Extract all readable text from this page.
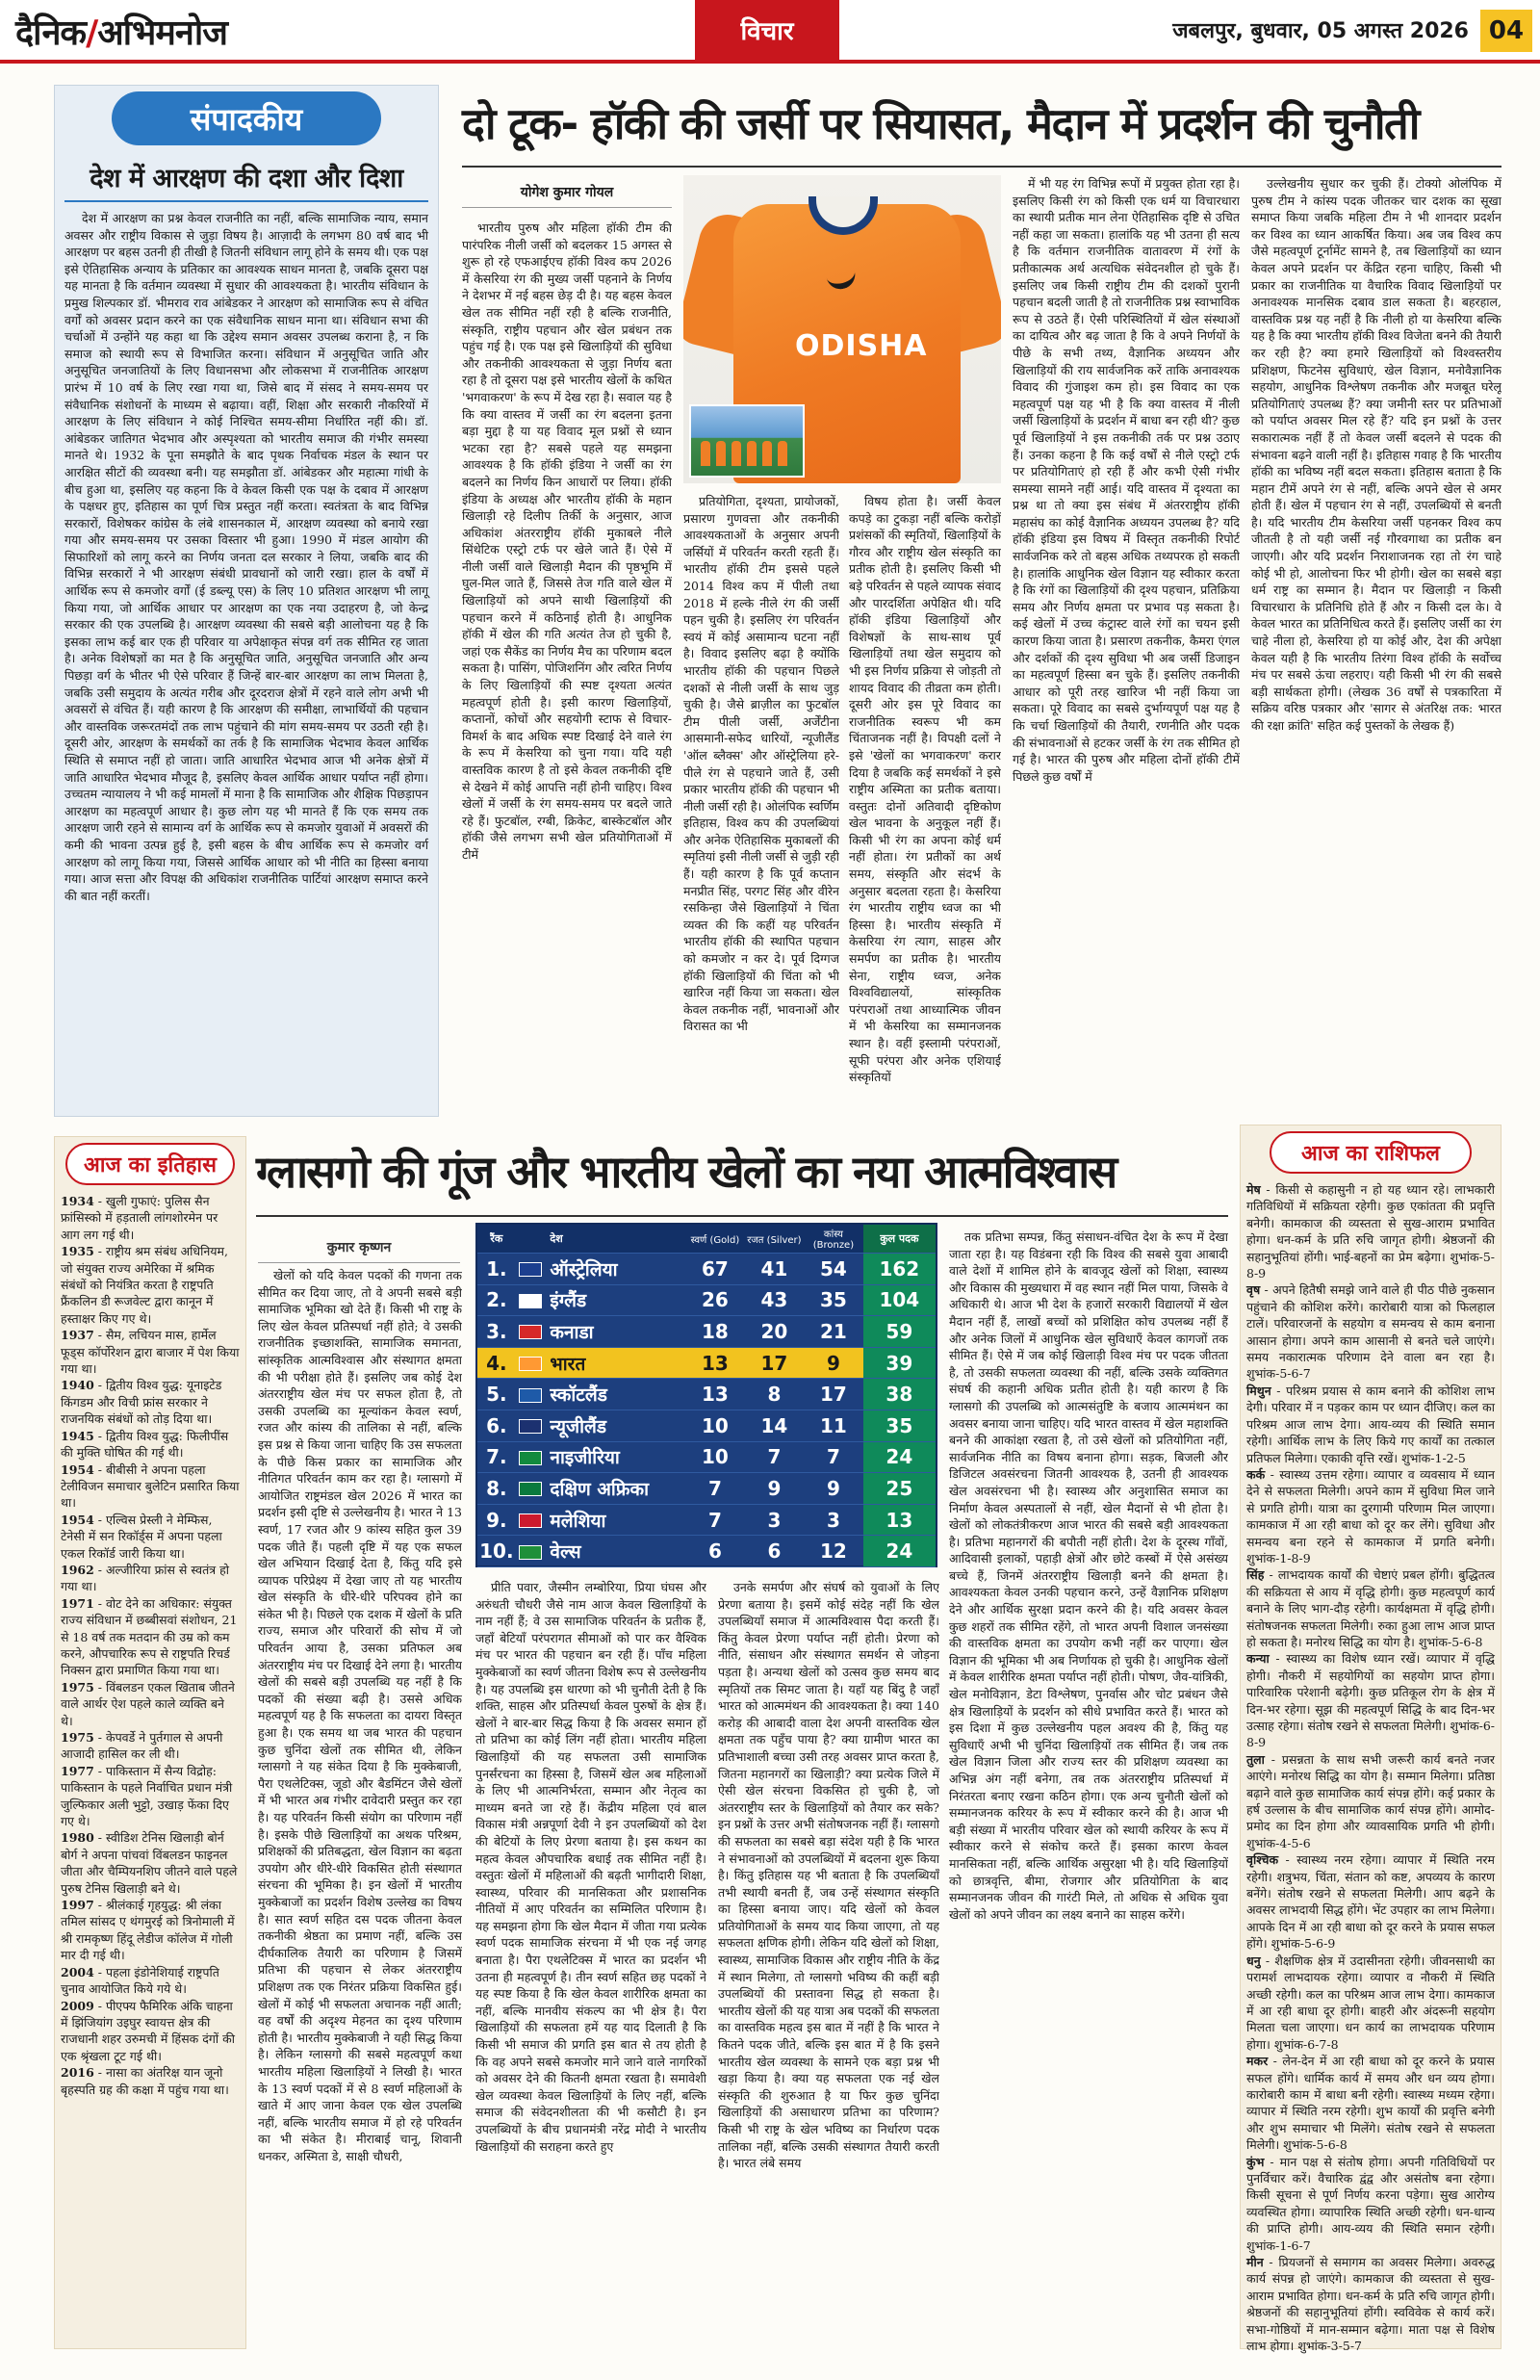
दैनिक/अभिमनोज	विचार	जबलपुर, बुधवार, 05 अगस्त 2026 04
संपादकीय
देश में आरक्षण की दशा और दिशा

देश में आरक्षण का प्रश्न केवल राजनीति का नहीं, बल्कि सामाजिक न्याय, समान अवसर और राष्ट्रीय विकास से जुड़ा विषय है। आज़ादी के लगभग 80 वर्ष बाद भी आरक्षण पर बहस उतनी ही तीखी है जितनी संविधान लागू होने के समय थी। एक पक्ष इसे ऐतिहासिक अन्याय के प्रतिकार का आवश्यक साधन मानता है, जबकि दूसरा पक्ष यह मानता है कि वर्तमान व्यवस्था में सुधार की आवश्यकता है। भारतीय संविधान के प्रमुख शिल्पकार डॉ. भीमराव राव आंबेडकर ने आरक्षण को सामाजिक रूप से वंचित वर्गों को अवसर प्रदान करने का एक संवैधानिक साधन माना था। संविधान सभा की चर्चाओं में उन्होंने यह कहा था कि उद्देश्य समान अवसर उपलब्ध कराना है, न कि समाज को स्थायी रूप से विभाजित करना। संविधान में अनुसूचित जाति और अनुसूचित जनजातियों के लिए विधानसभा और लोकसभा में राजनीतिक आरक्षण प्रारंभ में 10 वर्ष के लिए रखा गया था, जिसे बाद में संसद ने समय-समय पर संवैधानिक संशोधनों के माध्यम से बढ़ाया। वहीं, शिक्षा और सरकारी नौकरियों में आरक्षण के लिए संविधान ने कोई निश्चित समय-सीमा निर्धारित नहीं की। डॉ. आंबेडकर जातिगत भेदभाव और अस्पृश्यता को भारतीय समाज की गंभीर समस्या मानते थे। 1932 के पूना समझौते के बाद पृथक निर्वाचक मंडल के स्थान पर आरक्षित सीटों की व्यवस्था बनी। यह समझौता डॉ. आंबेडकर और महात्मा गांधी के बीच हुआ था, इसलिए यह कहना कि वे केवल किसी एक पक्ष के दबाव में आरक्षण के पक्षधर हुए, इतिहास का पूर्ण चित्र प्रस्तुत नहीं करता। स्वतंत्रता के बाद विभिन्न सरकारों, विशेषकर कांग्रेस के लंबे शासनकाल में, आरक्षण व्यवस्था को बनाये रखा गया और समय-समय पर उसका विस्तार भी हुआ। 1990 में मंडल आयोग की सिफारिशों को लागू करने का निर्णय जनता दल सरकार ने लिया, जबकि बाद की विभिन्न सरकारों ने भी आरक्षण संबंधी प्रावधानों को जारी रखा। हाल के वर्षों में आर्थिक रूप से कमजोर वर्गों (ई डब्ल्यू एस) के लिए 10 प्रतिशत आरक्षण भी लागू किया गया, जो आर्थिक आधार पर आरक्षण का एक नया उदाहरण है, जो केन्द्र सरकार की एक उपलब्धि है। आरक्षण व्यवस्था की सबसे बड़ी आलोचना यह है कि इसका लाभ कई बार एक ही परिवार या अपेक्षाकृत संपन्न वर्ग तक सीमित रह जाता है। अनेक विशेषज्ञों का मत है कि अनुसूचित जाति, अनुसूचित जनजाति और अन्य पिछड़ा वर्ग के भीतर भी ऐसे परिवार हैं जिन्हें बार-बार आरक्षण का लाभ मिलता है, जबकि उसी समुदाय के अत्यंत गरीब और दूरदराज क्षेत्रों में रहने वाले लोग अभी भी अवसरों से वंचित हैं। यही कारण है कि आरक्षण की समीक्षा, लाभार्थियों की पहचान और वास्तविक जरूरतमंदों तक लाभ पहुंचाने की मांग समय-समय पर उठती रही है। दूसरी ओर, आरक्षण के समर्थकों का तर्क है कि सामाजिक भेदभाव केवल आर्थिक स्थिति से समाप्त नहीं हो जाता। जाति आधारित भेदभाव आज भी अनेक क्षेत्रों में जाति आधारित भेदभाव मौजूद है, इसलिए केवल आर्थिक आधार पर्याप्त नहीं होगा। उच्चतम न्यायालय ने भी कई मामलों में माना है कि सामाजिक और शैक्षिक पिछड़ापन आरक्षण का महत्वपूर्ण आधार है। कुछ लोग यह भी मानते हैं कि एक समय तक आरक्षण जारी रहने से सामान्य वर्ग के आर्थिक रूप से कमजोर युवाओं में अवसरों की कमी की भावना उत्पन्न हुई है, इसी बहस के बीच आर्थिक रूप से कमजोर वर्ग आरक्षण को लागू किया गया, जिससे आर्थिक आधार को भी नीति का हिस्सा बनाया गया। आज सत्ता और विपक्ष की अधिकांश राजनीतिक पार्टियां आरक्षण समाप्त करने की बात नहीं करतीं।

दो टूक- हॉकी की जर्सी पर सियासत, मैदान में प्रदर्शन की चुनौती
योगेश कुमार गोयल

भारतीय पुरुष और महिला हॉकी टीम की पारंपरिक नीली जर्सी को बदलकर 15 अगस्त से शुरू हो रहे एफआईएच हॉकी विश्व कप 2026 में केसरिया रंग की मुख्य जर्सी पहनाने के निर्णय ने देशभर में नई बहस छेड़ दी है। यह बहस केवल खेल तक सीमित नहीं रही है बल्कि राजनीति, संस्कृति, राष्ट्रीय पहचान और खेल प्रबंधन तक पहुंच गई है। एक पक्ष इसे खिलाड़ियों की सुविधा और तकनीकी आवश्यकता से जुड़ा निर्णय बता रहा है तो दूसरा पक्ष इसे भारतीय खेलों के कथित 'भगवाकरण' के रूप में देख रहा है। सवाल यह है कि क्या वास्तव में जर्सी का रंग बदलना इतना बड़ा मुद्दा है या यह विवाद मूल प्रश्नों से ध्यान भटका रहा है? सबसे पहले यह समझना आवश्यक है कि हॉकी इंडिया ने जर्सी का रंग बदलने का निर्णय किन आधारों पर लिया। हॉकी इंडिया के अध्यक्ष और भारतीय हॉकी के महान खिलाड़ी रहे दिलीप तिर्की के अनुसार, आज अधिकांश अंतरराष्ट्रीय हॉकी मुकाबले नीले सिंथेटिक एस्ट्रो टर्फ पर खेले जाते हैं। ऐसे में नीली जर्सी वाले खिलाड़ी मैदान की पृष्ठभूमि में घुल-मिल जाते हैं, जिससे तेज गति वाले खेल में खिलाड़ियों को अपने साथी खिलाड़ियों की पहचान करने में कठिनाई होती है। आधुनिक हॉकी में खेल की गति अत्यंत तेज हो चुकी है, जहां एक सैकेंड का निर्णय मैच का परिणाम बदल सकता है। पासिंग, पोजिशनिंग और त्वरित निर्णय के लिए खिलाड़ियों की स्पष्ट दृश्यता अत्यंत महत्वपूर्ण होती है। इसी कारण खिलाड़ियों, कप्तानों, कोचों और सहयोगी स्टाफ से विचार-विमर्श के बाद अधिक स्पष्ट दिखाई देने वाले रंग के रूप में केसरिया को चुना गया। यदि यही वास्तविक कारण है तो इसे केवल तकनीकी दृष्टि से देखने में कोई आपत्ति नहीं होनी चाहिए। विश्व खेलों में जर्सी के रंग समय-समय पर बदले जाते रहे हैं। फुटबॉल, रग्बी, क्रिकेट, बास्केटबॉल और हॉकी जैसे लगभग सभी खेल प्रतियोगिताओं में टीमें

ODISHA

प्रतियोगिता, दृश्यता, प्रायोजकों, प्रसारण गुणवत्ता और तकनीकी आवश्यकताओं के अनुसार अपनी जर्सियों में परिवर्तन करती रहती हैं। भारतीय हॉकी टीम इससे पहले 2014 विश्व कप में पीली तथा 2018 में हल्के नीले रंग की जर्सी पहन चुकी है। इसलिए रंग परिवर्तन स्वयं में कोई असामान्य घटना नहीं है। विवाद इसलिए बढ़ा है क्योंकि भारतीय हॉकी की पहचान पिछले दशकों से नीली जर्सी के साथ जुड़ चुकी है। जैसे ब्राज़ील का फुटबॉल टीम पीली जर्सी, अर्जेंटीना आसमानी-सफेद धारियों, न्यूजीलैंड 'ऑल ब्लैक्स' और ऑस्ट्रेलिया हरे-पीले रंग से पहचाने जाते हैं, उसी प्रकार भारतीय हॉकी की पहचान भी नीली जर्सी रही है। ओलंपिक स्वर्णिम इतिहास, विश्व कप की उपलब्धियां और अनेक ऐतिहासिक मुकाबलों की स्मृतियां इसी नीली जर्सी से जुड़ी रही हैं। यही कारण है कि पूर्व कप्तान मनप्रीत सिंह, परगट सिंह और वीरेन रसकिन्हा जैसे खिलाड़ियों ने चिंता व्यक्त की कि कहीं यह परिवर्तन भारतीय हॉकी की स्थापित पहचान को कमजोर न कर दे। पूर्व दिग्गज हॉकी खिलाड़ियों की चिंता को भी खारिज नहीं किया जा सकता। खेल केवल तकनीक नहीं, भावनाओं और विरासत का भी

विषय होता है। जर्सी केवल कपड़े का टुकड़ा नहीं बल्कि करोड़ों प्रशंसकों की स्मृतियों, खिलाड़ियों के गौरव और राष्ट्रीय खेल संस्कृति का प्रतीक होती है। इसलिए किसी भी बड़े परिवर्तन से पहले व्यापक संवाद और पारदर्शिता अपेक्षित थी। यदि हॉकी इंडिया खिलाड़ियों और विशेषज्ञों के साथ-साथ पूर्व खिलाड़ियों तथा खेल समुदाय को भी इस निर्णय प्रक्रिया से जोड़ती तो शायद विवाद की तीव्रता कम होती। दूसरी ओर इस पूरे विवाद का राजनीतिक स्वरूप भी कम चिंताजनक नहीं है। विपक्षी दलों ने इसे 'खेलों का भगवाकरण' करार दिया है जबकि कई समर्थकों ने इसे राष्ट्रीय अस्मिता का प्रतीक बताया। वस्तुतः दोनों अतिवादी दृष्टिकोण खेल भावना के अनुकूल नहीं हैं। किसी भी रंग का अपना कोई धर्म नहीं होता। रंग प्रतीकों का अर्थ समय, संस्कृति और संदर्भ के अनुसार बदलता रहता है। केसरिया रंग भारतीय राष्ट्रीय ध्वज का भी हिस्सा है। भारतीय संस्कृति में केसरिया रंग त्याग, साहस और समर्पण का प्रतीक है। भारतीय सेना, राष्ट्रीय ध्वज, अनेक विश्वविद्यालयों, सांस्कृतिक परंपराओं तथा आध्यात्मिक जीवन में भी केसरिया का सम्मानजनक स्थान है। वहीं इस्लामी परंपराओं, सूफी परंपरा और अनेक एशियाई संस्कृतियों

में भी यह रंग विभिन्न रूपों में प्रयुक्त होता रहा है। इसलिए किसी रंग को किसी एक धर्म या विचारधारा का स्थायी प्रतीक मान लेना ऐतिहासिक दृष्टि से उचित नहीं कहा जा सकता। हालांकि यह भी उतना ही सत्य है कि वर्तमान राजनीतिक वातावरण में रंगों के प्रतीकात्मक अर्थ अत्यधिक संवेदनशील हो चुके हैं। इसलिए जब किसी राष्ट्रीय टीम की दशकों पुरानी पहचान बदली जाती है तो राजनीतिक प्रश्न स्वाभाविक रूप से उठते हैं। ऐसी परिस्थितियों में खेल संस्थाओं का दायित्व और बढ़ जाता है कि वे अपने निर्णयों के पीछे के सभी तथ्य, वैज्ञानिक अध्ययन और खिलाड़ियों की राय सार्वजनिक करें ताकि अनावश्यक विवाद की गुंजाइश कम हो। इस विवाद का एक महत्वपूर्ण पक्ष यह भी है कि क्या वास्तव में नीली जर्सी खिलाड़ियों के प्रदर्शन में बाधा बन रही थी? कुछ पूर्व खिलाड़ियों ने इस तकनीकी तर्क पर प्रश्न उठाए हैं। उनका कहना है कि कई वर्षों से नीले एस्ट्रो टर्फ पर प्रतियोगिताएं हो रही हैं और कभी ऐसी गंभीर समस्या सामने नहीं आई। यदि वास्तव में दृश्यता का प्रश्न था तो क्या इस संबंध में अंतरराष्ट्रीय हॉकी महासंघ का कोई वैज्ञानिक अध्ययन उपलब्ध है? यदि हॉकी इंडिया इस विषय में विस्तृत तकनीकी रिपोर्ट सार्वजनिक करे तो बहस अधिक तथ्यपरक हो सकती है। हालांकि आधुनिक खेल विज्ञान यह स्वीकार करता है कि रंगों का खिलाड़ियों की दृश्य पहचान, प्रतिक्रिया समय और निर्णय क्षमता पर प्रभाव पड़ सकता है। कई खेलों में उच्च कंट्रास्ट वाले रंगों का चयन इसी कारण किया जाता है। प्रसारण तकनीक, कैमरा एंगल और दर्शकों की दृश्य सुविधा भी अब जर्सी डिजाइन का महत्वपूर्ण हिस्सा बन चुके हैं। इसलिए तकनीकी आधार को पूरी तरह खारिज भी नहीं किया जा सकता। पूरे विवाद का सबसे दुर्भाग्यपूर्ण पक्ष यह है कि चर्चा खिलाड़ियों की तैयारी, रणनीति और पदक की संभावनाओं से हटकर जर्सी के रंग तक सीमित हो गई है। भारत की पुरुष और महिला दोनों हॉकी टीमें पिछले कुछ वर्षों में

उल्लेखनीय सुधार कर चुकी हैं। टोक्यो ओलंपिक में पुरुष टीम ने कांस्य पदक जीतकर चार दशक का सूखा समाप्त किया जबकि महिला टीम ने भी शानदार प्रदर्शन कर विश्व का ध्यान आकर्षित किया। अब जब विश्व कप जैसे महत्वपूर्ण टूर्नामेंट सामने है, तब खिलाड़ियों का ध्यान केवल अपने प्रदर्शन पर केंद्रित रहना चाहिए, किसी भी प्रकार का राजनीतिक या वैचारिक विवाद खिलाड़ियों पर अनावश्यक मानसिक दबाव डाल सकता है। बहरहाल, वास्तविक प्रश्न यह नहीं है कि नीली हो या केसरिया बल्कि यह है कि क्या भारतीय हॉकी विश्व विजेता बनने की तैयारी कर रही है? क्या हमारे खिलाड़ियों को विश्वस्तरीय प्रशिक्षण, फिटनेस सुविधाएं, खेल विज्ञान, मनोवैज्ञानिक सहयोग, आधुनिक विश्लेषण तकनीक और मजबूत घरेलू प्रतियोगिताएं उपलब्ध हैं? क्या जमीनी स्तर पर प्रतिभाओं को पर्याप्त अवसर मिल रहे हैं? यदि इन प्रश्नों के उत्तर सकारात्मक नहीं हैं तो केवल जर्सी बदलने से पदक की संभावना बढ़ने वाली नहीं है। इतिहास गवाह है कि भारतीय हॉकी का भविष्य नहीं बदल सकता। इतिहास बताता है कि महान टीमें अपने रंग से नहीं, बल्कि अपने खेल से अमर होती हैं। खेल में पहचान रंग से नहीं, उपलब्धियों से बनती है। यदि भारतीय टीम केसरिया जर्सी पहनकर विश्व कप जीतती है तो यही जर्सी नई गौरवगाथा का प्रतीक बन जाएगी। और यदि प्रदर्शन निराशाजनक रहा तो रंग चाहे कोई भी हो, आलोचना फिर भी होगी। खेल का सबसे बड़ा धर्म राष्ट्र का सम्मान है। मैदान पर खिलाड़ी न किसी विचारधारा के प्रतिनिधि होते हैं और न किसी दल के। वे केवल भारत का प्रतिनिधित्व करते हैं। इसलिए जर्सी का रंग चाहे नीला हो, केसरिया हो या कोई और, देश की अपेक्षा केवल यही है कि भारतीय तिरंगा विश्व हॉकी के सर्वोच्च मंच पर सबसे ऊंचा लहराए। यही किसी भी रंग की सबसे बड़ी सार्थकता होगी। (लेखक 36 वर्षों से पत्रकारिता में सक्रिय वरिष्ठ पत्रकार और 'सागर से अंतरिक्ष तक: भारत की रक्षा क्रांति' सहित कई पुस्तकों के लेखक हैं)

आज का इतिहास
1934 - खुली गुफाएं: पुलिस सैन फ्रांसिस्को में हड़ताली लांगशोरमेन पर आग लग गई थी।
1935 - राष्ट्रीय श्रम संबंध अधिनियम, जो संयुक्त राज्य अमेरिका में श्रमिक संबंधों को नियंत्रित करता है राष्ट्रपति फ्रैंकलिन डी रूजवेल्ट द्वारा कानून में हस्ताक्षर किए गए थे।
1937 - सैम, लचियन मास, हार्मेल फूड्स कॉर्पोरेशन द्वारा बाजार में पेश किया गया था।
1940 - द्वितीय विश्व युद्ध: यूनाइटेड किंगडम और विची फ्रांस सरकार ने राजनयिक संबंधों को तोड़ दिया था।
1945 - द्वितीय विश्व युद्ध: फिलीपींस की मुक्ति घोषित की गई थी।
1954 - बीबीसी ने अपना पहला टेलीविजन समाचार बुलेटिन प्रसारित किया था।
1954 - एल्विस प्रेस्ली ने मेम्फिस, टेनेसी में सन रिकॉर्ड्स में अपना पहला एकल रिकॉर्ड जारी किया था।
1962 - अल्जीरिया फ्रांस से स्वतंत्र हो गया था।
1971 - वोट देने का अधिकार: संयुक्त राज्य संविधान में छब्बीसवां संशोधन, 21 से 18 वर्ष तक मतदान की उम्र को कम करने, औपचारिक रूप से राष्ट्रपति रिचर्ड निक्सन द्वारा प्रमाणित किया गया था।
1975 - विंबलडन एकल खिताब जीतने वाले आर्थर ऐश पहले काले व्यक्ति बने थे।
1975 - केपवर्डे ने पुर्तगाल से अपनी आजादी हासिल कर ली थी।
1977 - पाकिस्तान में सैन्य विद्रोह: पाकिस्तान के पहले निर्वाचित प्रधान मंत्री जुल्फिकार अली भुट्टो, उखाड़ फेंका दिए गए थे।
1980 - स्वीडिश टेनिस खिलाड़ी बोर्न बोर्ग ने अपना पांचवां विंबलडन फाइनल जीता और चैम्पियनशिप जीतने वाले पहले पुरुष टेनिस खिलाड़ी बने थे।
1997 - श्रीलंकाई गृहयुद्ध: श्री लंका तमिल सांसद ए थंगमुरई को त्रिनोमाली में श्री रामकृष्ण हिंदू लेडीज कॉलेज में गोली मार दी गई थी।
2004 - पहला इंडोनेशियाई राष्ट्रपति चुनाव आयोजित किये गये थे।
2009 - पीएफ्य फैमिरिक अंकि चाहना में झिंजियांग उइघुर स्वायत्त क्षेत्र की राजधानी शहर उरुमची में हिंसक दंगों की एक श्रृंखला टूट गई थी।
2016 - नासा का अंतरिक्ष यान जूनो बृहस्पति ग्रह की कक्षा में पहुंच गया था।
ग्लासगो की गूंज और भारतीय खेलों का नया आत्मविश्वास
कुमार कृष्णन

खेलों को यदि केवल पदकों की गणना तक सीमित कर दिया जाए, तो वे अपनी सबसे बड़ी सामाजिक भूमिका खो देते हैं। किसी भी राष्ट्र के लिए खेल केवल प्रतिस्पर्धा नहीं होते; वे उसकी राजनीतिक इच्छाशक्ति, सामाजिक समानता, सांस्कृतिक आत्मविश्वास और संस्थागत क्षमता की भी परीक्षा होते हैं। इसलिए जब कोई देश अंतरराष्ट्रीय खेल मंच पर सफल होता है, तो उसकी उपलब्धि का मूल्यांकन केवल स्वर्ण, रजत और कांस्य की तालिका से नहीं, बल्कि इस प्रश्न से किया जाना चाहिए कि उस सफलता के पीछे किस प्रकार का सामाजिक और नीतिगत परिवर्तन काम कर रहा है। ग्लासगो में आयोजित राष्ट्रमंडल खेल 2026 में भारत का प्रदर्शन इसी दृष्टि से उल्लेखनीय है। भारत ने 13 स्वर्ण, 17 रजत और 9 कांस्य सहित कुल 39 पदक जीते हैं। पहली दृष्टि में यह एक सफल खेल अभियान दिखाई देता है, किंतु यदि इसे व्यापक परिप्रेक्ष्य में देखा जाए तो यह भारतीय खेल संस्कृति के धीरे-धीरे परिपक्व होने का संकेत भी है। पिछले एक दशक में खेलों के प्रति राज्य, समाज और परिवारों की सोच में जो परिवर्तन आया है, उसका प्रतिफल अब अंतरराष्ट्रीय मंच पर दिखाई देने लगा है। भारतीय खेलों की सबसे बड़ी उपलब्धि यह नहीं है कि पदकों की संख्या बढ़ी है। उससे अधिक महत्वपूर्ण यह है कि सफलता का दायरा विस्तृत हुआ है। एक समय था जब भारत की पहचान कुछ चुनिंदा खेलों तक सीमित थी, लेकिन ग्लासगो ने यह संकेत दिया है कि मुक्केबाजी, पैरा एथलेटिक्स, जूडो और बैडमिंटन जैसे खेलों में भी भारत अब गंभीर दावेदारी प्रस्तुत कर रहा है। यह परिवर्तन किसी संयोग का परिणाम नहीं है। इसके पीछे खिलाड़ियों का अथक परिश्रम, प्रशिक्षकों की प्रतिबद्धता, खेल विज्ञान का बढ़ता उपयोग और धीरे-धीरे विकसित होती संस्थागत संरचना की भूमिका है। इन खेलों में भारतीय मुक्केबाजों का प्रदर्शन विशेष उल्लेख का विषय है। सात स्वर्ण सहित दस पदक जीतना केवल तकनीकी श्रेष्ठता का प्रमाण नहीं, बल्कि उस दीर्घकालिक तैयारी का परिणाम है जिसमें प्रतिभा की पहचान से लेकर अंतरराष्ट्रीय प्रशिक्षण तक एक निरंतर प्रक्रिया विकसित हुई। खेलों में कोई भी सफलता अचानक नहीं आती; वह वर्षों की अदृश्य मेहनत का दृश्य परिणाम होती है। भारतीय मुक्केबाजी ने यही सिद्ध किया है। लेकिन ग्लासगो की सबसे महत्वपूर्ण कथा भारतीय महिला खिलाड़ियों ने लिखी है। भारत के 13 स्वर्ण पदकों में से 8 स्वर्ण महिलाओं के खाते में आए जाना केवल एक खेल उपलब्धि नहीं, बल्कि भारतीय समाज में हो रहे परिवर्तन का भी संकेत है। मीराबाई चानू, शिवानी धनकर, अस्मिता डे, साक्षी चौधरी,

रैंक	देश	स्वर्ण (Gold) रजत (Silver)	कांस्य (Bronze)
कुल पदक
1.	ऑस्ट्रेलिया	67	41	54	162
2.	इंग्लैंड	26	43	35	104
3.	कनाडा	18	20	21	59
4.	भारत	13	17	9	39
5.	स्कॉटलैंड	13	8	17	38
6.	न्यूजीलैंड	10	14	11	35
7.	नाइजीरिया	10	7	7	24
8.	दक्षिण अफ्रिका	7	9	9	25
9.	मलेशिया	7	3	3	13
10.	वेल्स	6	6	12	24

प्रीति पवार, जैस्मीन लम्बोरिया, प्रिया घंघस और अरुंधती चौधरी जैसे नाम आज केवल खिलाड़ियों के नाम नहीं हैं; वे उस सामाजिक परिवर्तन के प्रतीक हैं, जहाँ बेटियाँ परंपरागत सीमाओं को पार कर वैश्विक मंच पर भारत की पहचान बन रही हैं। पाँच महिला मुक्केबाजों का स्वर्ण जीतना विशेष रूप से उल्लेखनीय है। यह उपलब्धि इस धारणा को भी चुनौती देती है कि शक्ति, साहस और प्रतिस्पर्धा केवल पुरुषों के क्षेत्र हैं। खेलों ने बार-बार सिद्ध किया है कि अवसर समान हों तो प्रतिभा का कोई लिंग नहीं होता। भारतीय महिला खिलाड़ियों की यह सफलता उसी सामाजिक पुनर्संरचना का हिस्सा है, जिसमें खेल अब महिलाओं के लिए भी आत्मनिर्भरता, सम्मान और नेतृत्व का माध्यम बनते जा रहे हैं। केंद्रीय महिला एवं बाल विकास मंत्री अन्नपूर्णा देवी ने इन उपलब्धियों को देश की बेटियों के लिए प्रेरणा बताया है। इस कथन का महत्व केवल औपचारिक बधाई तक सीमित नहीं है। वस्तुतः खेलों में महिलाओं की बढ़ती भागीदारी शिक्षा, स्वास्थ्य, परिवार की मानसिकता और प्रशासनिक नीतियों में आए परिवर्तन का सम्मिलित परिणाम है। यह समझना होगा कि खेल मैदान में जीता गया प्रत्येक स्वर्ण पदक सामाजिक संरचना में भी एक नई जगह बनाता है। पैरा एथलेटिक्स में भारत का प्रदर्शन भी उतना ही महत्वपूर्ण है। तीन स्वर्ण सहित छह पदकों ने यह स्पष्ट किया है कि खेल केवल शारीरिक क्षमता का नहीं, बल्कि मानवीय संकल्प का भी क्षेत्र है। पैरा खिलाड़ियों की सफलता हमें यह याद दिलाती है कि किसी भी समाज की प्रगति इस बात से तय होती है कि वह अपने सबसे कमजोर माने जाने वाले नागरिकों को अवसर देने की कितनी क्षमता रखता है। समावेशी खेल व्यवस्था केवल खिलाड़ियों के लिए नहीं, बल्कि समाज की संवेदनशीलता की भी कसौटी है। इन उपलब्धियों के बीच प्रधानमंत्री नरेंद्र मोदी ने भारतीय खिलाड़ियों की सराहना करते हुए

उनके समर्पण और संघर्ष को युवाओं के लिए प्रेरणा बताया है। इसमें कोई संदेह नहीं कि खेल उपलब्धियाँ समाज में आत्मविश्वास पैदा करती हैं। किंतु केवल प्रेरणा पर्याप्त नहीं होती। प्रेरणा को नीति, संसाधन और संस्थागत समर्थन से जोड़ना पड़ता है। अन्यथा खेलों को उत्सव कुछ समय बाद स्मृतियों तक सिमट जाता है। यहाँ यह बिंदु है जहाँ भारत को आत्ममंथन की आवश्यकता है। क्या 140 करोड़ की आबादी वाला देश अपनी वास्तविक खेल क्षमता तक पहुँच पाया है? क्या ग्रामीण भारत का प्रतिभाशाली बच्चा उसी तरह अवसर प्राप्त करता है, जितना महानगरों का खिलाड़ी? क्या प्रत्येक जिले में ऐसी खेल संरचना विकसित हो चुकी है, जो अंतरराष्ट्रीय स्तर के खिलाड़ियों को तैयार कर सके? इन प्रश्नों के उत्तर अभी संतोषजनक नहीं हैं। ग्लासगो की सफलता का सबसे बड़ा संदेश यही है कि भारत ने संभावनाओं को उपलब्धियों में बदलना शुरू किया है। किंतु इतिहास यह भी बताता है कि उपलब्धियाँ तभी स्थायी बनती हैं, जब उन्हें संस्थागत संस्कृति का हिस्सा बनाया जाए। यदि खेलों को केवल प्रतियोगिताओं के समय याद किया जाएगा, तो यह सफलता क्षणिक होगी। लेकिन यदि खेलों को शिक्षा, स्वास्थ्य, सामाजिक विकास और राष्ट्रीय नीति के केंद्र में स्थान मिलेगा, तो ग्लासगो भविष्य की कहीं बड़ी उपलब्धियों की प्रस्तावना सिद्ध हो सकता है। भारतीय खेलों की यह यात्रा अब पदकों की सफलता का वास्तविक महत्व इस बात में नहीं है कि भारत ने कितने पदक जीते, बल्कि इस बात में है कि इसने भारतीय खेल व्यवस्था के सामने एक बड़ा प्रश्न भी खड़ा किया है। क्या यह सफलता एक नई खेल संस्कृति की शुरुआत है या फिर कुछ चुनिंदा खिलाड़ियों की असाधारण प्रतिभा का परिणाम? किसी भी राष्ट्र के खेल भविष्य का निर्धारण पदक तालिका नहीं, बल्कि उसकी संस्थागत तैयारी करती है। भारत लंबे समय

तक प्रतिभा सम्पन्न, किंतु संसाधन-वंचित देश के रूप में देखा जाता रहा है। यह विडंबना रही कि विश्व की सबसे युवा आबादी वाले देशों में शामिल होने के बावजूद खेलों को शिक्षा, स्वास्थ्य और विकास की मुख्यधारा में वह स्थान नहीं मिल पाया, जिसके वे अधिकारी थे। आज भी देश के हजारों सरकारी विद्यालयों में खेल मैदान नहीं हैं, लाखों बच्चों को प्रशिक्षित कोच उपलब्ध नहीं हैं और अनेक जिलों में आधुनिक खेल सुविधाएँ केवल कागजों तक सीमित हैं। ऐसे में जब कोई खिलाड़ी विश्व मंच पर पदक जीतता है, तो उसकी सफलता व्यवस्था की नहीं, बल्कि उसके व्यक्तिगत संघर्ष की कहानी अधिक प्रतीत होती है। यही कारण है कि ग्लासगो की उपलब्धि को आत्मसंतुष्टि के बजाय आत्ममंथन का अवसर बनाया जाना चाहिए। यदि भारत वास्तव में खेल महाशक्ति बनने की आकांक्षा रखता है, तो उसे खेलों को प्रतियोगिता नहीं, सार्वजनिक नीति का विषय बनाना होगा। सड़क, बिजली और डिजिटल अवसंरचना जितनी आवश्यक है, उतनी ही आवश्यक खेल अवसंरचना भी है। स्वास्थ्य और अनुशासित समाज का निर्माण केवल अस्पतालों से नहीं, खेल मैदानों से भी होता है। खेलों को लोकतंत्रीकरण आज भारत की सबसे बड़ी आवश्यकता है। प्रतिभा महानगरों की बपौती नहीं होती। देश के दूरस्थ गाँवों, आदिवासी इलाकों, पहाड़ी क्षेत्रों और छोटे कस्बों में ऐसे असंख्य बच्चे हैं, जिनमें अंतरराष्ट्रीय खिलाड़ी बनने की क्षमता है। आवश्यकता केवल उनकी पहचान करने, उन्हें वैज्ञानिक प्रशिक्षण देने और आर्थिक सुरक्षा प्रदान करने की है। यदि अवसर केवल कुछ शहरों तक सीमित रहेंगे, तो भारत अपनी विशाल जनसंख्या की वास्तविक क्षमता का उपयोग कभी नहीं कर पाएगा। खेल विज्ञान की भूमिका भी अब निर्णायक हो चुकी है। आधुनिक खेलों में केवल शारीरिक क्षमता पर्याप्त नहीं होती। पोषण, जैव-यांत्रिकी, खेल मनोविज्ञान, डेटा विश्लेषण, पुनर्वास और चोट प्रबंधन जैसे क्षेत्र खिलाड़ियों के प्रदर्शन को सीधे प्रभावित करते हैं। भारत को इस दिशा में कुछ उल्लेखनीय पहल अवश्य की है, किंतु यह सुविधाएँ अभी भी चुनिंदा खिलाड़ियों तक सीमित हैं। जब तक खेल विज्ञान जिला और राज्य स्तर की प्रशिक्षण व्यवस्था का अभिन्न अंग नहीं बनेगा, तब तक अंतरराष्ट्रीय प्रतिस्पर्धा में निरंतरता बनाए रखना कठिन होगा। एक अन्य चुनौती खेलों को सम्मानजनक करियर के रूप में स्वीकार करने की है। आज भी बड़ी संख्या में भारतीय परिवार खेल को स्थायी करियर के रूप में स्वीकार करने से संकोच करते हैं। इसका कारण केवल मानसिकता नहीं, बल्कि आर्थिक असुरक्षा भी है। यदि खिलाड़ियों को छात्रवृत्ति, बीमा, रोजगार और प्रतियोगिता के बाद सम्मानजनक जीवन की गारंटी मिले, तो अधिक से अधिक युवा खेलों को अपने जीवन का लक्ष्य बनाने का साहस करेंगे।

आज का राशिफल
मेष - किसी से कहासुनी न हो यह ध्यान रहे। लाभकारी गतिविधियों में सक्रियता रहेगी। कुछ एकांतता की प्रवृत्ति बनेगी। कामकाज की व्यस्तता से सुख-आराम प्रभावित होगा। धन-कर्म के प्रति रुचि जागृत होगी। श्रेष्ठजनों की सहानुभूतियां होंगी। भाई-बहनों का प्रेम बढ़ेगा। शुभांक-5-8-9
वृष - अपने हितैषी समझे जाने वाले ही पीठ पीछे नुकसान पहुंचाने की कोशिश करेंगे। कारोबारी यात्रा को फिलहाल टालें। परिवारजनों के सहयोग व समन्वय से काम बनाना आसान होगा। अपने काम आसानी से बनते चले जाएंगे। समय नकारात्मक परिणाम देने वाला बन रहा है। शुभांक-5-6-7
मिथुन - परिश्रम प्रयास से काम बनाने की कोशिश लाभ देगी। परिवार में न पड़कर काम पर ध्यान दीजिए। कल का परिश्रम आज लाभ देगा। आय-व्यय की स्थिति समान रहेगी। आर्थिक लाभ के लिए किये गए कार्यों का तत्काल प्रतिफल मिलेगा। एकाकी वृत्ति रखें। शुभांक-1-2-5
कर्क - स्वास्थ्य उत्तम रहेगा। व्यापार व व्यवसाय में ध्यान देने से सफलता मिलेगी। अपने काम में सुविधा मिल जाने से प्रगति होगी। यात्रा का दुरगामी परिणाम मिल जाएगा। कामकाज में आ रही बाधा को दूर कर लेंगे। सुविधा और समन्वय बना रहने से कामकाज में प्रगति बनेगी। शुभांक-1-8-9
सिंह - लाभदायक कार्यों की चेष्टाएं प्रबल होंगी। बुद्धितत्व की सक्रियता से आय में वृद्धि होगी। कुछ महत्वपूर्ण कार्य बनाने के लिए भाग-दौड़ रहेगी। कार्यक्षमता में वृद्धि होगी। संतोषजनक सफलता मिलेगी। रुका हुआ लाभ आज प्राप्त हो सकता है। मनोरथ सिद्धि का योग है। शुभांक-5-6-8
कन्या - स्वास्थ्य का विशेष ध्यान रखें। व्यापार में वृद्धि होगी। नौकरी में सहयोगियों का सहयोग प्राप्त होगा। पारिवारिक परेशानी बढ़ेगी। कुछ प्रतिकूल रोग के क्षेत्र में दिन-भर रहेगा। सूझ की महत्वपूर्ण सिद्धि के बाद दिन-भर उत्साह रहेगा। संतोष रखने से सफलता मिलेगी। शुभांक-6-8-9
तुला - प्रसन्नता के साथ सभी जरूरी कार्य बनते नजर आएंगे। मनोरथ सिद्धि का योग है। सम्मान मिलेगा। प्रतिष्ठा बढ़ाने वाले कुछ सामाजिक कार्य संपन्न होंगे। कई प्रकार के हर्ष उल्लास के बीच सामाजिक कार्य संपन्न होंगे। आमोद-प्रमोद का दिन होगा और व्यावसायिक प्रगति भी होगी। शुभांक-4-5-6
वृश्चिक - स्वास्थ्य नरम रहेगा। व्यापार में स्थिति नरम रहेगी। शत्रुभय, चिंता, संतान को कष्ट, अपव्यय के कारण बनेंगे। संतोष रखने से सफलता मिलेगी। आप बढ़ने के अवसर लाभदायी सिद्ध होंगे। भेंट उपहार का लाभ मिलेगा। आपके दिन में आ रही बाधा को दूर करने के प्रयास सफल होंगे। शुभांक-5-6-9
धनु - शैक्षणिक क्षेत्र में उदासीनता रहेगी। जीवनसाथी का परामर्श लाभदायक रहेगा। व्यापार व नौकरी में स्थिति अच्छी रहेगी। कल का परिश्रम आज लाभ देगा। कामकाज में आ रही बाधा दूर होगी। बाहरी और अंदरूनी सहयोग मिलता चला जाएगा। धन कार्य का लाभदायक परिणाम होगा। शुभांक-6-7-8
मकर - लेन-देन में आ रही बाधा को दूर करने के प्रयास सफल होंगे। धार्मिक कार्य में समय और धन व्यय होगा। कारोबारी काम में बाधा बनी रहेगी। स्वास्थ्य मध्यम रहेगा। व्यापार में स्थिति नरम रहेगी। शुभ कार्यों की प्रवृत्ति बनेगी और शुभ समाचार भी मिलेंगे। संतोष रखने से सफलता मिलेगी। शुभांक-5-6-8
कुंभ - मान पक्ष से संतोष होगा। अपनी गतिविधियों पर पुनर्विचार करें। वैचारिक द्वंद्व और असंतोष बना रहेगा। किसी सूचना से पूर्ण निर्णय करना पड़ेगा। सुख आरोग्य व्यवस्थित होगा। व्यापारिक स्थिति अच्छी रहेगी। धन-धान्य की प्राप्ति होगी। आय-व्यय की स्थिति समान रहेगी। शुभांक-1-6-7
मीन - प्रियजनों से समागम का अवसर मिलेगा। अवरुद्ध कार्य संपन्न हो जाएंगे। कामकाज की व्यस्तता से सुख-आराम प्रभावित होगा। धन-कर्म के प्रति रुचि जागृत होगी। श्रेष्ठजनों की सहानुभूतियां होंगी। स्वविवेक से कार्य करें। सभा-गोष्ठियों में मान-सम्मान बढ़ेगा। माता पक्ष से विशेष लाभ होगा। शुभांक-3-5-7
